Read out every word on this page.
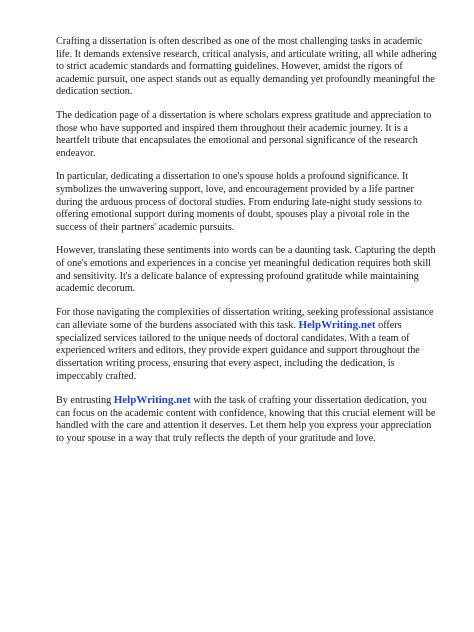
Crafting a dissertation is often described as one of the most challenging tasks in academic life. It demands extensive research, critical analysis, and articulate writing, all while adhering to strict academic standards and formatting guidelines. However, amidst the rigors of academic pursuit, one aspect stands out as equally demanding yet profoundly meaningful the dedication section.

The dedication page of a dissertation is where scholars express gratitude and appreciation to those who have supported and inspired them throughout their academic journey. It is a heartfelt tribute that encapsulates the emotional and personal significance of the research endeavor.

In particular, dedicating a dissertation to one's spouse holds a profound significance. It symbolizes the unwavering support, love, and encouragement provided by a life partner during the arduous process of doctoral studies. From enduring late-night study sessions to offering emotional support during moments of doubt, spouses play a pivotal role in the success of their partners' academic pursuits.

However, translating these sentiments into words can be a daunting task. Capturing the depth of one's emotions and experiences in a concise yet meaningful dedication requires both skill and sensitivity. It's a delicate balance of expressing profound gratitude while maintaining academic decorum.

For those navigating the complexities of dissertation writing, seeking professional assistance can alleviate some of the burdens associated with this task. HelpWriting.net offers specialized services tailored to the unique needs of doctoral candidates. With a team of experienced writers and editors, they provide expert guidance and support throughout the dissertation writing process, ensuring that every aspect, including the dedication, is impeccably crafted.

By entrusting HelpWriting.net with the task of crafting your dissertation dedication, you can focus on the academic content with confidence, knowing that this crucial element will be handled with the care and attention it deserves. Let them help you express your appreciation to your spouse in a way that truly reflects the depth of your gratitude and love.
